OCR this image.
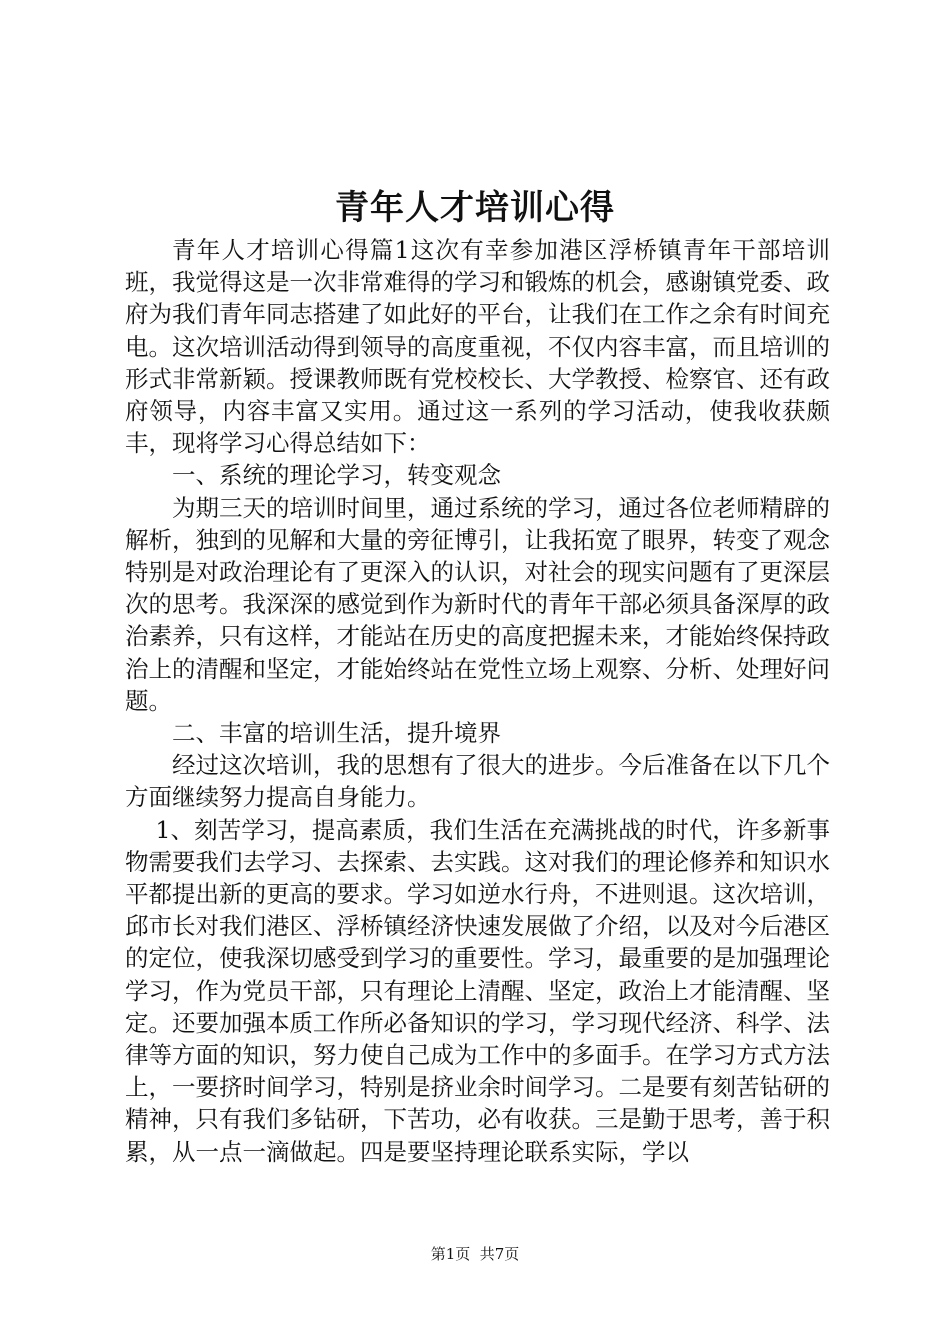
青年人才培训心得

青年人才培训心得篇1这次有幸参加港区浮桥镇青年干部培训班，我觉得这是一次非常难得的学习和锻炼的机会，感谢镇党委、政府为我们青年同志搭建了如此好的平台，让我们在工作之余有时间充电。这次培训活动得到领导的高度重视，不仅内容丰富，而且培训的形式非常新颖。授课教师既有党校校长、大学教授、检察官、还有政府领导，内容丰富又实用。通过这一系列的学习活动，使我收获颇丰，现将学习心得总结如下：

一、系统的理论学习，转变观念

为期三天的培训时间里，通过系统的学习，通过各位老师精辟的解析，独到的见解和大量的旁征博引，让我拓宽了眼界，转变了观念特别是对政治理论有了更深入的认识，对社会的现实问题有了更深层次的思考。我深深的感觉到作为新时代的青年干部必须具备深厚的政治素养，只有这样，才能站在历史的高度把握未来，才能始终保持政治上的清醒和坚定，才能始终站在党性立场上观察、分析、处理好问题。

二、丰富的培训生活，提升境界

经过这次培训，我的思想有了很大的进步。今后准备在以下几个方面继续努力提高自身能力。

1、刻苦学习，提高素质，我们生活在充满挑战的时代，许多新事物需要我们去学习、去探索、去实践。这对我们的理论修养和知识水平都提出新的更高的要求。学习如逆水行舟，不进则退。这次培训，邱市长对我们港区、浮桥镇经济快速发展做了介绍，以及对今后港区的定位，使我深切感受到学习的重要性。学习，最重要的是加强理论学习，作为党员干部，只有理论上清醒、坚定，政治上才能清醒、坚定。还要加强本质工作所必备知识的学习，学习现代经济、科学、法律等方面的知识，努力使自己成为工作中的多面手。在学习方式方法上，一要挤时间学习，特别是挤业余时间学习。二是要有刻苦钻研的精神，只有我们多钻研，下苦功，必有收获。三是勤于思考，善于积累，从一点一滴做起。四是要坚持理论联系实际，学以

第1页  共7页
